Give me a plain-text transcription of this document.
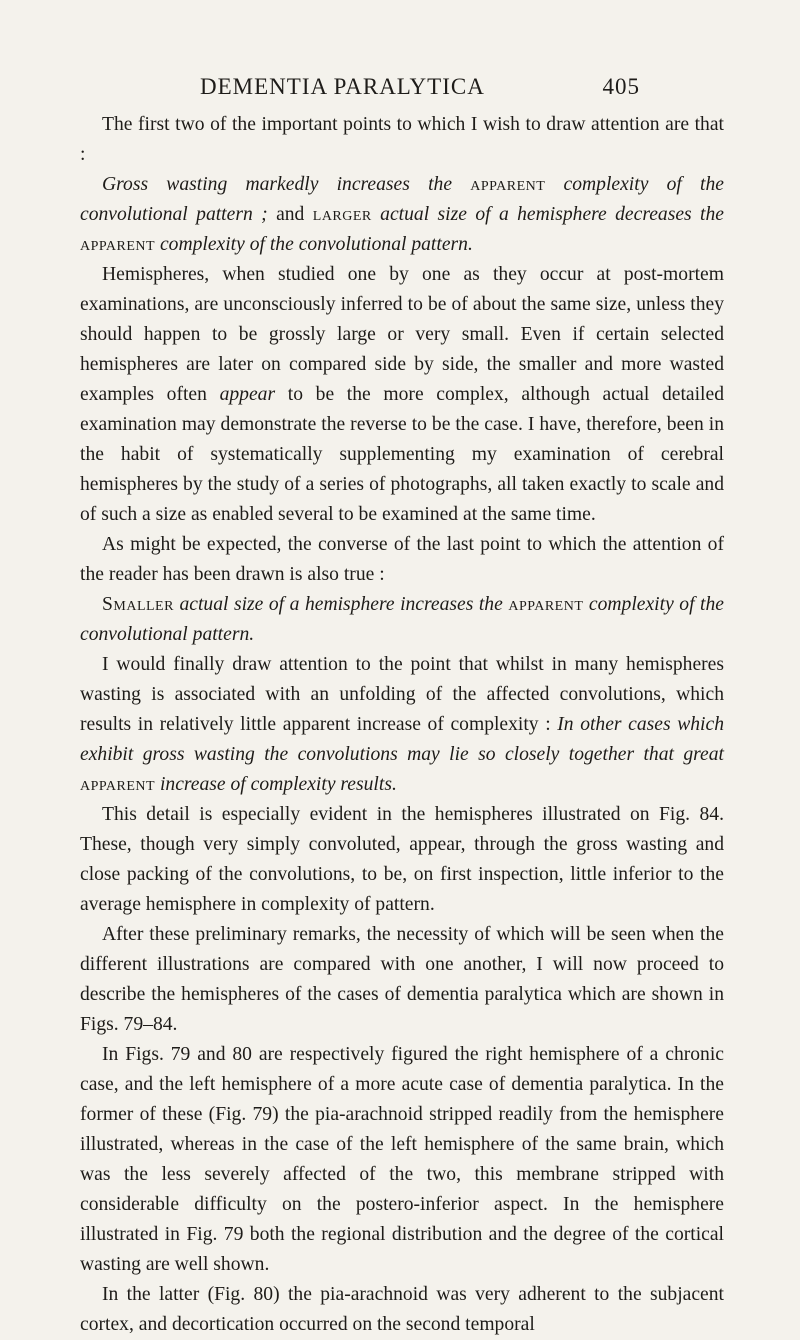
DEMENTIA PARALYTICA	405

The first two of the important points to which I wish to draw attention are that :

Gross wasting markedly increases the apparent complexity of the convolutional pattern ; and larger actual size of a hemisphere decreases the apparent complexity of the convolutional pattern.

Hemispheres, when studied one by one as they occur at post-mortem examinations, are unconsciously inferred to be of about the same size, unless they should happen to be grossly large or very small. Even if certain selected hemispheres are later on compared side by side, the smaller and more wasted examples often appear to be the more complex, although actual detailed examination may demonstrate the reverse to be the case. I have, therefore, been in the habit of systematically supplementing my examination of cerebral hemispheres by the study of a series of photographs, all taken exactly to scale and of such a size as enabled several to be examined at the same time.

As might be expected, the converse of the last point to which the attention of the reader has been drawn is also true :

Smaller actual size of a hemisphere increases the apparent complexity of the convolutional pattern.

I would finally draw attention to the point that whilst in many hemispheres wasting is associated with an unfolding of the affected convolutions, which results in relatively little apparent increase of complexity : In other cases which exhibit gross wasting the convolutions may lie so closely together that great apparent increase of complexity results.

This detail is especially evident in the hemispheres illustrated on Fig. 84. These, though very simply convoluted, appear, through the gross wasting and close packing of the convolutions, to be, on first inspection, little inferior to the average hemisphere in complexity of pattern.

After these preliminary remarks, the necessity of which will be seen when the different illustrations are compared with one another, I will now proceed to describe the hemispheres of the cases of dementia paralytica which are shown in Figs. 79–84.

In Figs. 79 and 80 are respectively figured the right hemisphere of a chronic case, and the left hemisphere of a more acute case of dementia paralytica. In the former of these (Fig. 79) the pia-arachnoid stripped readily from the hemisphere illustrated, whereas in the case of the left hemisphere of the same brain, which was the less severely affected of the two, this membrane stripped with considerable difficulty on the postero-inferior aspect. In the hemisphere illustrated in Fig. 79 both the regional distribution and the degree of the cortical wasting are well shown.

In the latter (Fig. 80) the pia-arachnoid was very adherent to the subjacent cortex, and decortication occurred on the second temporal
